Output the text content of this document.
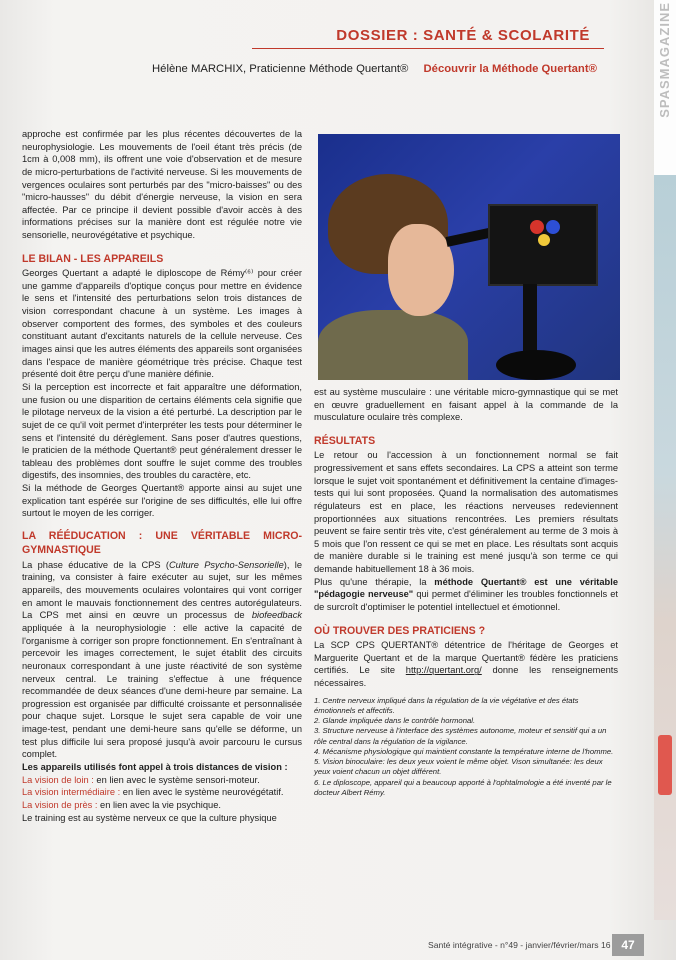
SPASMAGAZINE
DOSSIER : SANTÉ & SCOLARITÉ
Hélène MARCHIX, Praticienne Méthode Quertant® Découvrir la Méthode Quertant®

approche est confirmée par les plus récentes découvertes de la neurophysiologie. Les mouvements de l'oeil étant très précis (de 1cm à 0,008 mm), ils offrent une voie d'observation et de mesure de micro-perturbations de l'activité nerveuse. Si les mouvements de vergences oculaires sont perturbés par des "micro-baisses" ou des "micro-hausses" du débit d'énergie nerveuse, la vision en sera affectée. Par ce principe il devient possible d'avoir accès à des informations précises sur la manière dont est régulée notre vie sensorielle, neurovégétative et psychique.

LE BILAN - LES APPAREILS

Georges Quertant a adapté le diploscope de Rémy⁽⁶⁾ pour créer une gamme d'appareils d'optique conçus pour mettre en évidence le sens et l'intensité des perturbations selon trois distances de vision correspondant chacune à un système. Les images à observer comportent des formes, des symboles et des couleurs constituant autant d'excitants naturels de la cellule nerveuse. Ces images ainsi que les autres éléments des appareils sont organisées dans l'espace de manière géométrique très précise. Chaque test présenté doit être perçu d'une manière définie.

Si la perception est incorrecte et fait apparaître une déformation, une fusion ou une disparition de certains éléments cela signifie que le pilotage nerveux de la vision a été perturbé. La description par le sujet de ce qu'il voit permet d'interpréter les tests pour déterminer le sens et l'intensité du dérèglement. Sans poser d'autres questions, le praticien de la méthode Quertant® peut généralement dresser le tableau des problèmes dont souffre le sujet comme des troubles digestifs, des insomnies, des troubles du caractère, etc.

Si la méthode de Georges Quertant® apporte ainsi au sujet une explication tant espérée sur l'origine de ses difficultés, elle lui offre surtout le moyen de les corriger.

LA RÉÉDUCATION : UNE VÉRITABLE MICRO-GYMNASTIQUE

La phase éducative de la CPS (Culture Psycho-Sensorielle), le training, va consister à faire exécuter au sujet, sur les mêmes appareils, des mouvements oculaires volontaires qui vont corriger en amont le mauvais fonctionnement des centres autorégulateurs. La CPS met ainsi en œuvre un processus de biofeedback appliquée à la neurophysiologie : elle active la capacité de l'organisme à corriger son propre fonctionnement. En s'entraînant à percevoir les images correctement, le sujet établit des circuits neuronaux correspondant à une juste réactivité de son système nerveux central. Le training s'effectue à une fréquence recommandée de deux séances d'une demi-heure par semaine. La progression est organisée par difficulté croissante et personnalisée pour chaque sujet. Lorsque le sujet sera capable de voir une image-test, pendant une demi-heure sans qu'elle se déforme, un test plus difficile lui sera proposé jusqu'à avoir parcouru le cursus complet.

Les appareils utilisés font appel à trois distances de vision :

La vision de loin : en lien avec le système sensori-moteur.
La vision intermédiaire : en lien avec le système neurovégétatif.
La vision de près : en lien avec la vie psychique.

Le training est au système nerveux ce que la culture physique

est au système musculaire : une véritable micro-gymnastique qui se met en œuvre graduellement en faisant appel à la commande de la musculature oculaire très complexe.

RÉSULTATS

Le retour ou l'accession à un fonctionnement normal se fait progressivement et sans effets secondaires. La CPS a atteint son terme lorsque le sujet voit spontanément et définitivement la centaine d'images-tests qui lui sont proposées. Quand la normalisation des automatismes régulateurs est en place, les réactions nerveuses redeviennent proportionnées aux situations rencontrées. Les premiers résultats peuvent se faire sentir très vite, c'est généralement au terme de 3 mois à 5 mois que l'on ressent ce qui se met en place. Les résultats sont acquis de manière durable si le training est mené jusqu'à son terme ce qui demande habituellement 18 à 36 mois.

Plus qu'une thérapie, la méthode Quertant® est une véritable "pédagogie nerveuse" qui permet d'éliminer les troubles fonctionnels et de surcroît d'optimiser le potentiel intellectuel et émotionnel.

OÙ TROUVER DES PRATICIENS ?

La SCP CPS QUERTANT® détentrice de l'héritage de Georges et Marguerite Quertant et de la marque Quertant® fédère les praticiens certifiés. Le site http://quertant.org/ donne les renseignements nécessaires.

1. Centre nerveux impliqué dans la régulation de la vie végétative et des états émotionnels et affectifs.
2. Glande impliquée dans le contrôle hormonal.
3. Structure nerveuse à l'interface des systèmes autonome, moteur et sensitif qui a un rôle central dans la régulation de la vigilance.
4. Mécanisme physiologique qui maintient constante la température interne de l'homme.
5. Vision binoculaire: les deux yeux voient le même objet. Vison simultanée: les deux yeux voient chacun un objet différent.
6. Le diploscope, appareil qui a beaucoup apporté à l'ophtalmologie a été inventé par le docteur Albert Rémy.
Santé intégrative - n°49 - janvier/février/mars 16 47
